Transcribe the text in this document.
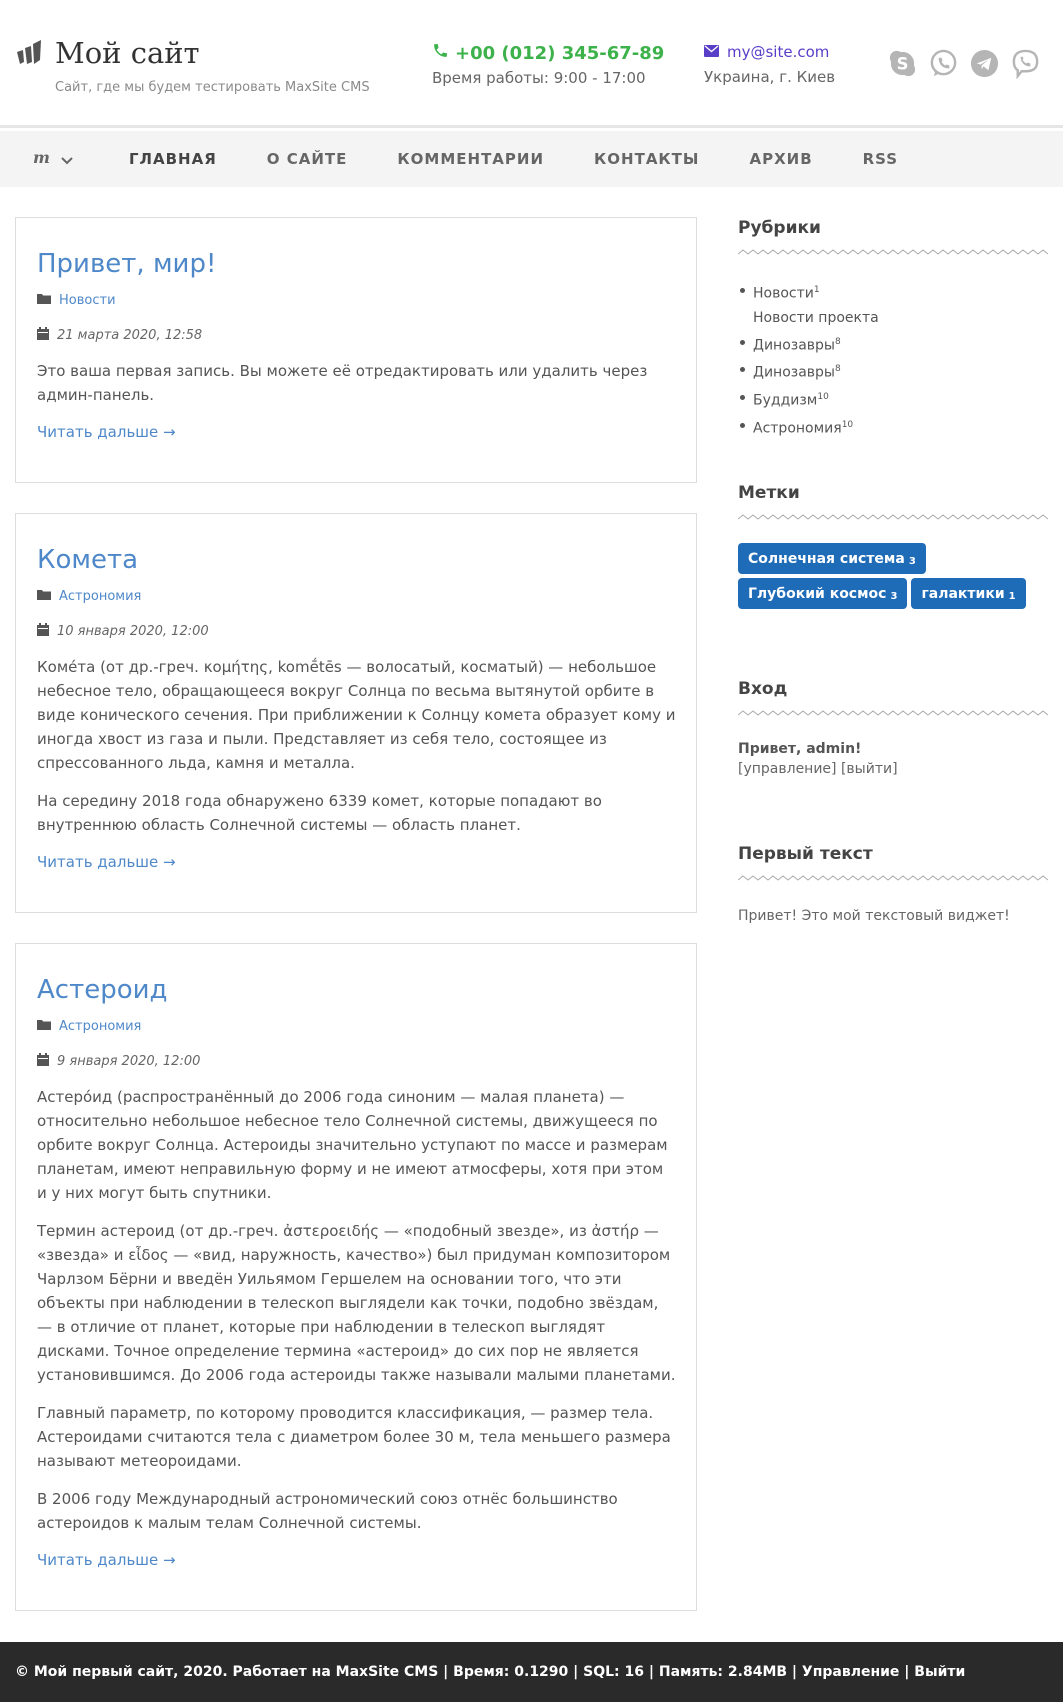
Мой сайт
Сайт, где мы будем тестировать MaxSite CMS
+00 (012) 345-67-89
Время работы: 9:00 - 17:00
my@site.com
Украина, г. Киев
S
m	ГЛАВНАЯ	О САЙТЕ	КОММЕНТАРИИ	КОНТАКТЫ	АРХИВ	RSS
Привет, мир!
Новости
21 марта 2020, 12:58

Это ваша первая запись. Вы можете её отредактировать или удалить через админ-панель.

Читать дальше →
Комета
Астрономия
10 января 2020, 12:00

Коме́та (от др.-греч. κομήτης, komḗtēs — волосатый, косматый) — небольшое небесное тело, обращающееся вокруг Солнца по весьма вытянутой орбите в виде конического сечения. При приближении к Солнцу комета образует кому и иногда хвост из газа и пыли. Представляет из себя тело, состоящее из спрессованного льда, камня и металла.

На середину 2018 года обнаружено 6339 комет, которые попадают во внутреннюю область Солнечной системы — область планет.

Читать дальше →
Астероид
Астрономия
9 января 2020, 12:00

Астеро́ид (распространённый до 2006 года синоним — малая планета) — относительно небольшое небесное тело Солнечной системы, движущееся по орбите вокруг Солнца. Астероиды значительно уступают по массе и размерам планетам, имеют неправильную форму и не имеют атмосферы, хотя при этом и у них могут быть спутники.

Термин астероид (от др.-греч. ἀστεροειδής — «подобный звезде», из ἀστήρ — «звезда» и εἶδος — «вид, наружность, качество») был придуман композитором Чарлзом Бёрни и введён Уильямом Гершелем на основании того, что эти объекты при наблюдении в телескоп выглядели как точки, подобно звёздам, — в отличие от планет, которые при наблюдении в телескоп выглядят дисками. Точное определение термина «астероид» до сих пор не является установившимся. До 2006 года астероиды также называли малыми планетами.

Главный параметр, по которому проводится классификация, — размер тела. Астероидами считаются тела с диаметром более 30 м, тела меньшего размера называют метеороидами.

В 2006 году Международный астрономический союз отнёс большинство астероидов к малым телам Солнечной системы.

Читать дальше →
Рубрики
Новости$^1$
Новости проекта
Динозавры$^8$
Динозавры$^8$
Буддизм$^{10}$
Астрономия$^{10}$
Метки
Солнечная система $_3$
Глубокий космос $_3$ галактики $_1$
Вход
Привет, admin!
[управление] [выйти]
Первый текст
Привет! Это мой текстовый виджет!
© Мой первый сайт, 2020. Работает на MaxSite CMS | Время: 0.1290 | SQL: 16 | Память: 2.84MB | Управление | Выйти
